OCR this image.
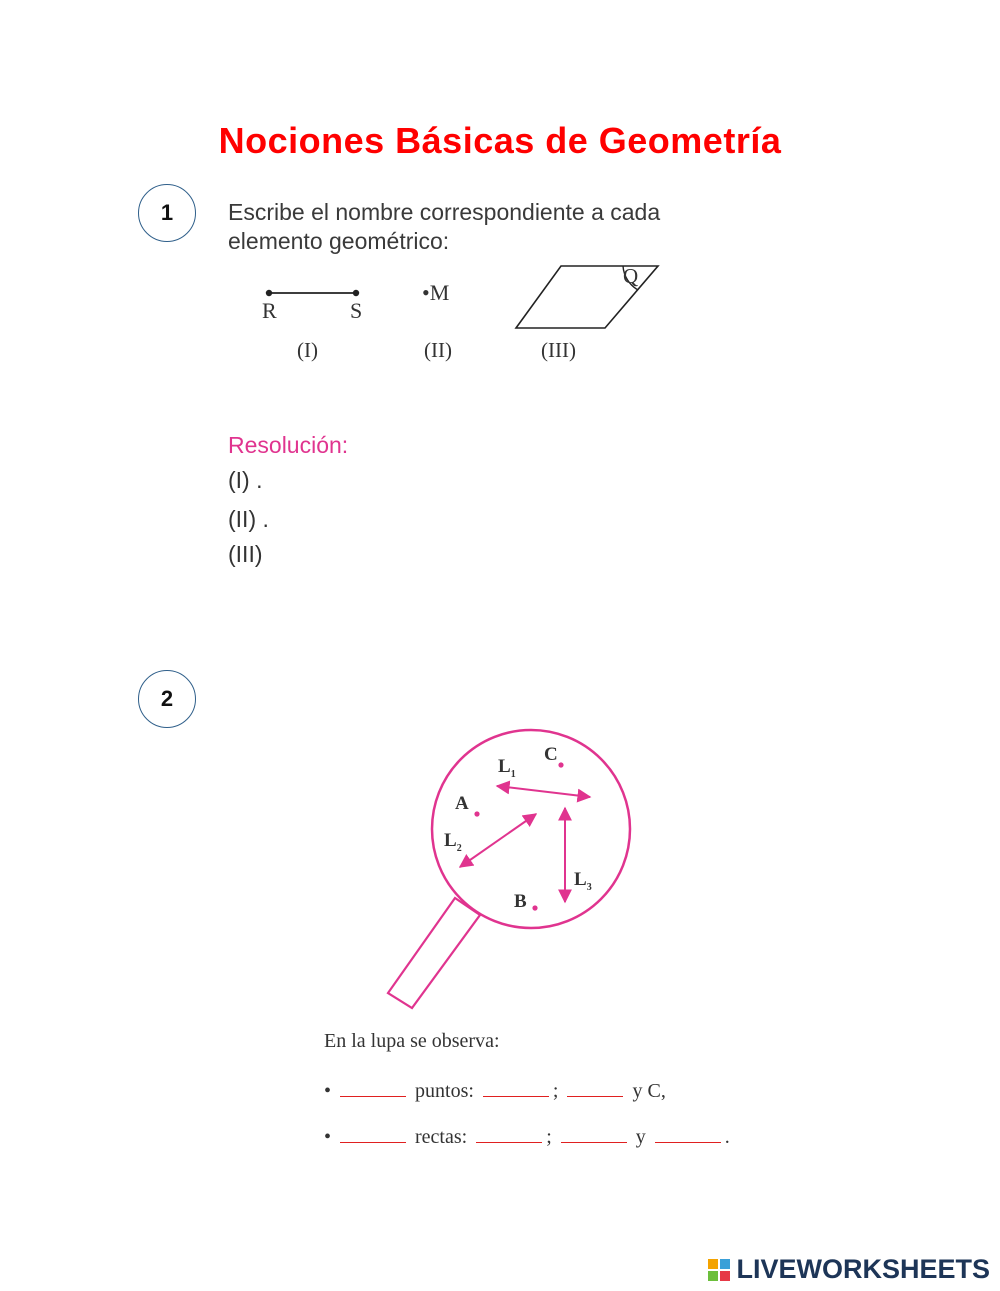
Nociones Básicas de Geometría
1	Escribe el nombre correspondiente a cada
elemento geométrico:
R	S
(I)
•M
(II)
Q
(III)
Resolución:
(I) .
(II) .
(III)
2
C
$L_1$
A
$L_2$
$L_3$
B
En la lupa se observa:
•	puntos:	;	y C,
•	rectas:	;	y	.
LIVEWORKSHEETS
